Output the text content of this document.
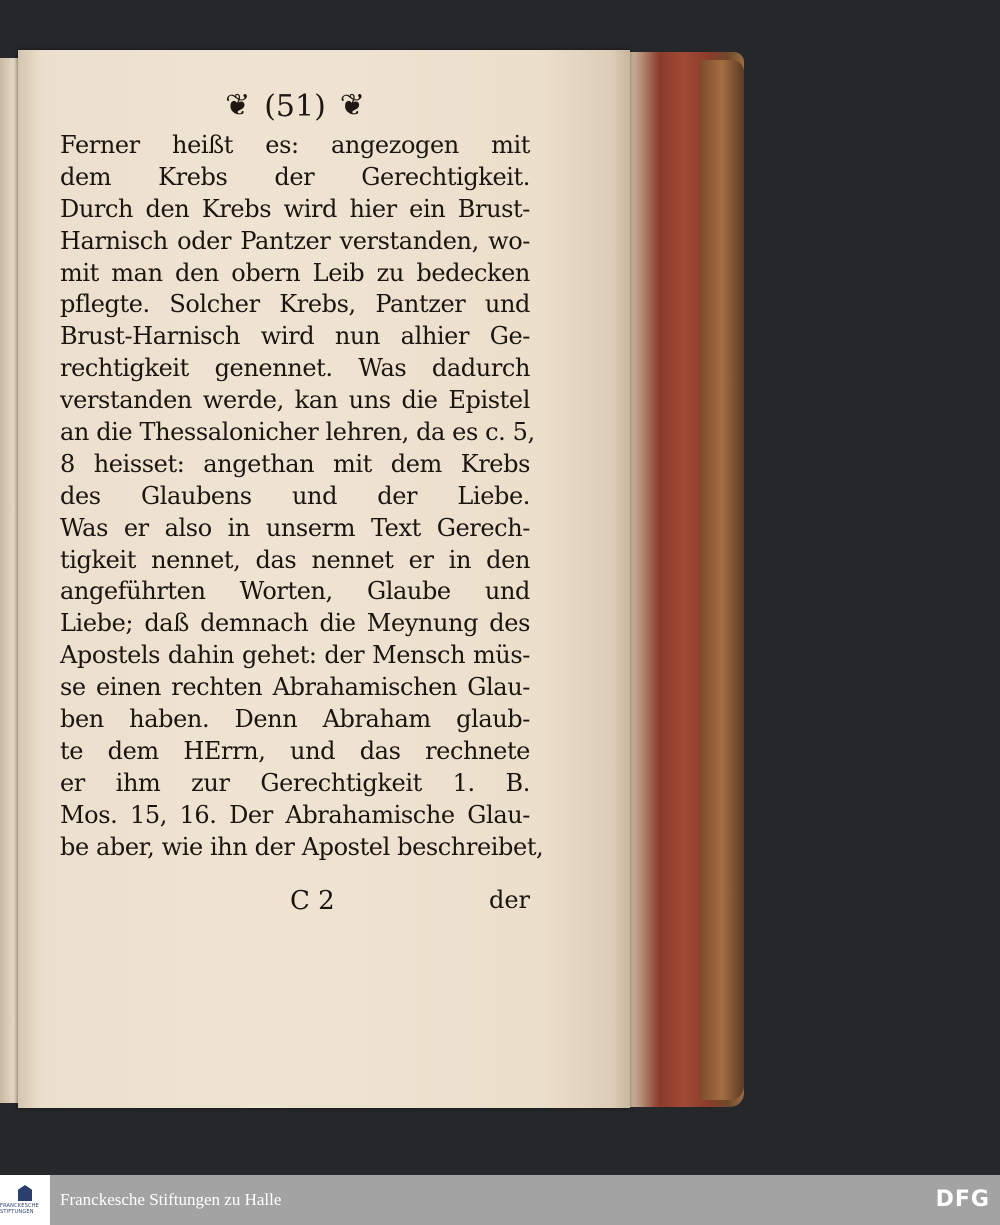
❦ (51) ❦
Ferner heißt es: angezogen mit
dem Krebs der Gerechtigkeit.
Durch den Krebs wird hier ein Brust-
Harnisch oder Pantzer verstanden, wo-
mit man den obern Leib zu bedecken
pflegte. Solcher Krebs, Pantzer und
Brust-Harnisch wird nun alhier Ge-
rechtigkeit genennet. Was dadurch
verstanden werde, kan uns die Epistel
an die Thessalonicher lehren, da es c. 5,
8 heisset: angethan mit dem Krebs
des Glaubens und der Liebe.
Was er also in unserm Text Gerech-
tigkeit nennet, das nennet er in den
angeführten Worten, Glaube und
Liebe; daß demnach die Meynung des
Apostels dahin gehet: der Mensch müs-
se einen rechten Abrahamischen Glau-
ben haben. Denn Abraham glaub-
te dem HErrn, und das rechnete
er ihm zur Gerechtigkeit 1. B.
Mos. 15, 16. Der Abrahamische Glau-
be aber, wie ihn der Apostel beschreibet,
C 2	der
FRANCKESCHE STIFTUNGEN
Franckesche Stiftungen zu Halle	DFG
